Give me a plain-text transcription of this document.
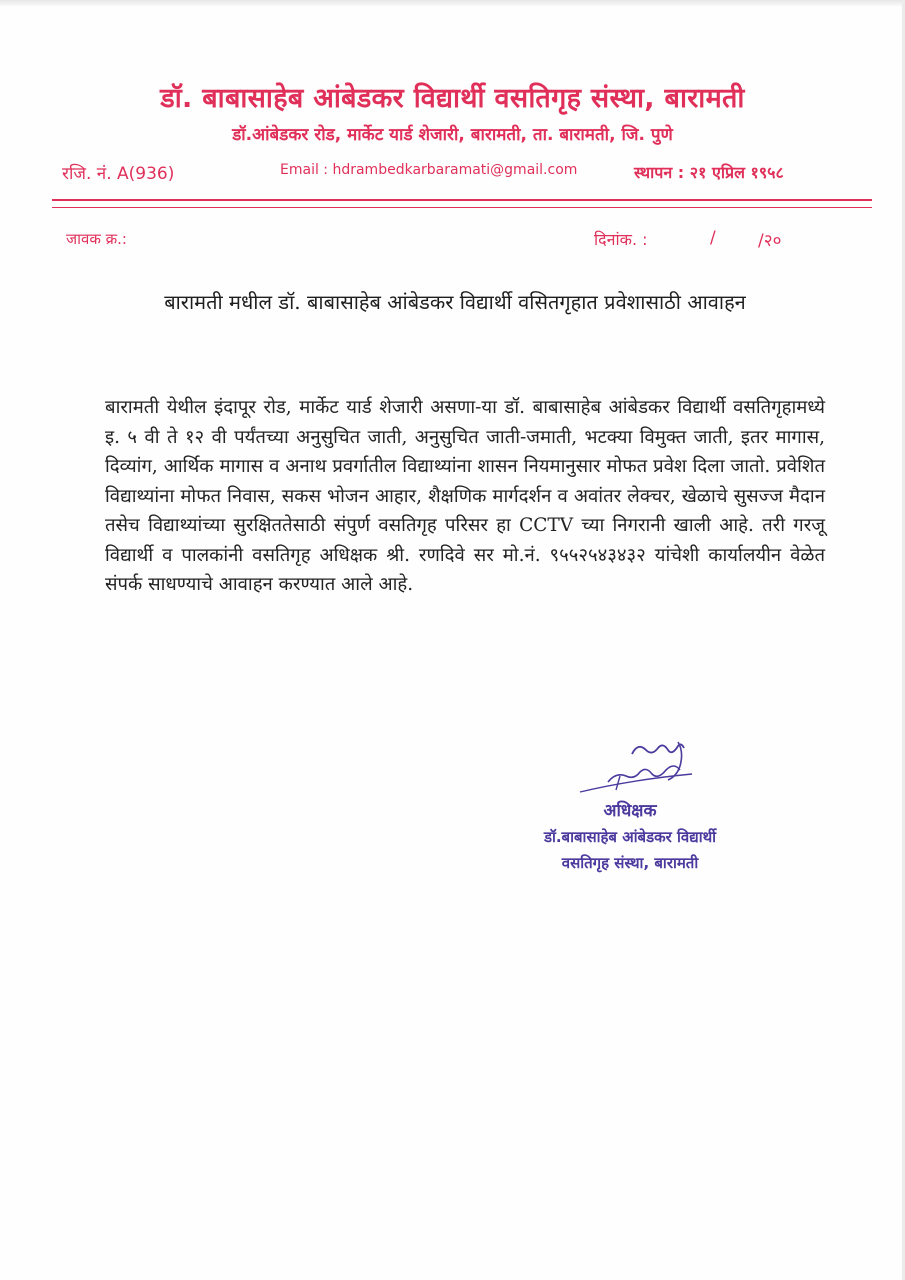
डॉ. बाबासाहेब आंबेडकर विद्यार्थी वसतिगृह संस्था, बारामती
डॉ.आंबेडकर रोड, मार्केट यार्ड शेजारी, बारामती, ता. बारामती, जि. पुणे
रजि. नं. A(936)	Email : hdrambedkarbaramati@gmail.com	स्थापन : २१ एप्रिल १९५८
जावक क्र.:	दिनांक. :	/ /२०
बारामती मधील डॉ. बाबासाहेब आंबेडकर विद्यार्थी वसितगृहात प्रवेशासाठी आवाहन
बारामती येथील इंदापूर रोड, मार्केट यार्ड शेजारी असणा-या डॉ. बाबासाहेब आंबेडकर विद्यार्थी वसतिगृहामध्ये इ. ५ वी ते १२ वी पर्यंतच्या अनुसुचित जाती, अनुसुचित जाती-जमाती, भटक्या विमुक्त जाती, इतर मागास, दिव्यांग, आर्थिक मागास व अनाथ प्रवर्गातील विद्याथ्यांना शासन नियमानुसार मोफत प्रवेश दिला जातो. प्रवेशित विद्याथ्यांना मोफत निवास, सकस भोजन आहार, शैक्षणिक मार्गदर्शन व अवांतर लेक्चर, खेळाचे सुसज्ज मैदान तसेच विद्याथ्यांच्या सुरक्षिततेसाठी संपुर्ण वसतिगृह परिसर हा CCTV च्या निगरानी खाली आहे. तरी गरजू विद्यार्थी व पालकांनी वसतिगृह अधिक्षक श्री. रणदिवे सर मो.नं. ९५५२५४३४३२ यांचेशी कार्यालयीन वेळेत संपर्क साधण्याचे आवाहन करण्यात आले आहे.
अधिक्षक
डॉ.बाबासाहेब आंबेडकर विद्यार्थी
वसतिगृह संस्था, बारामती
